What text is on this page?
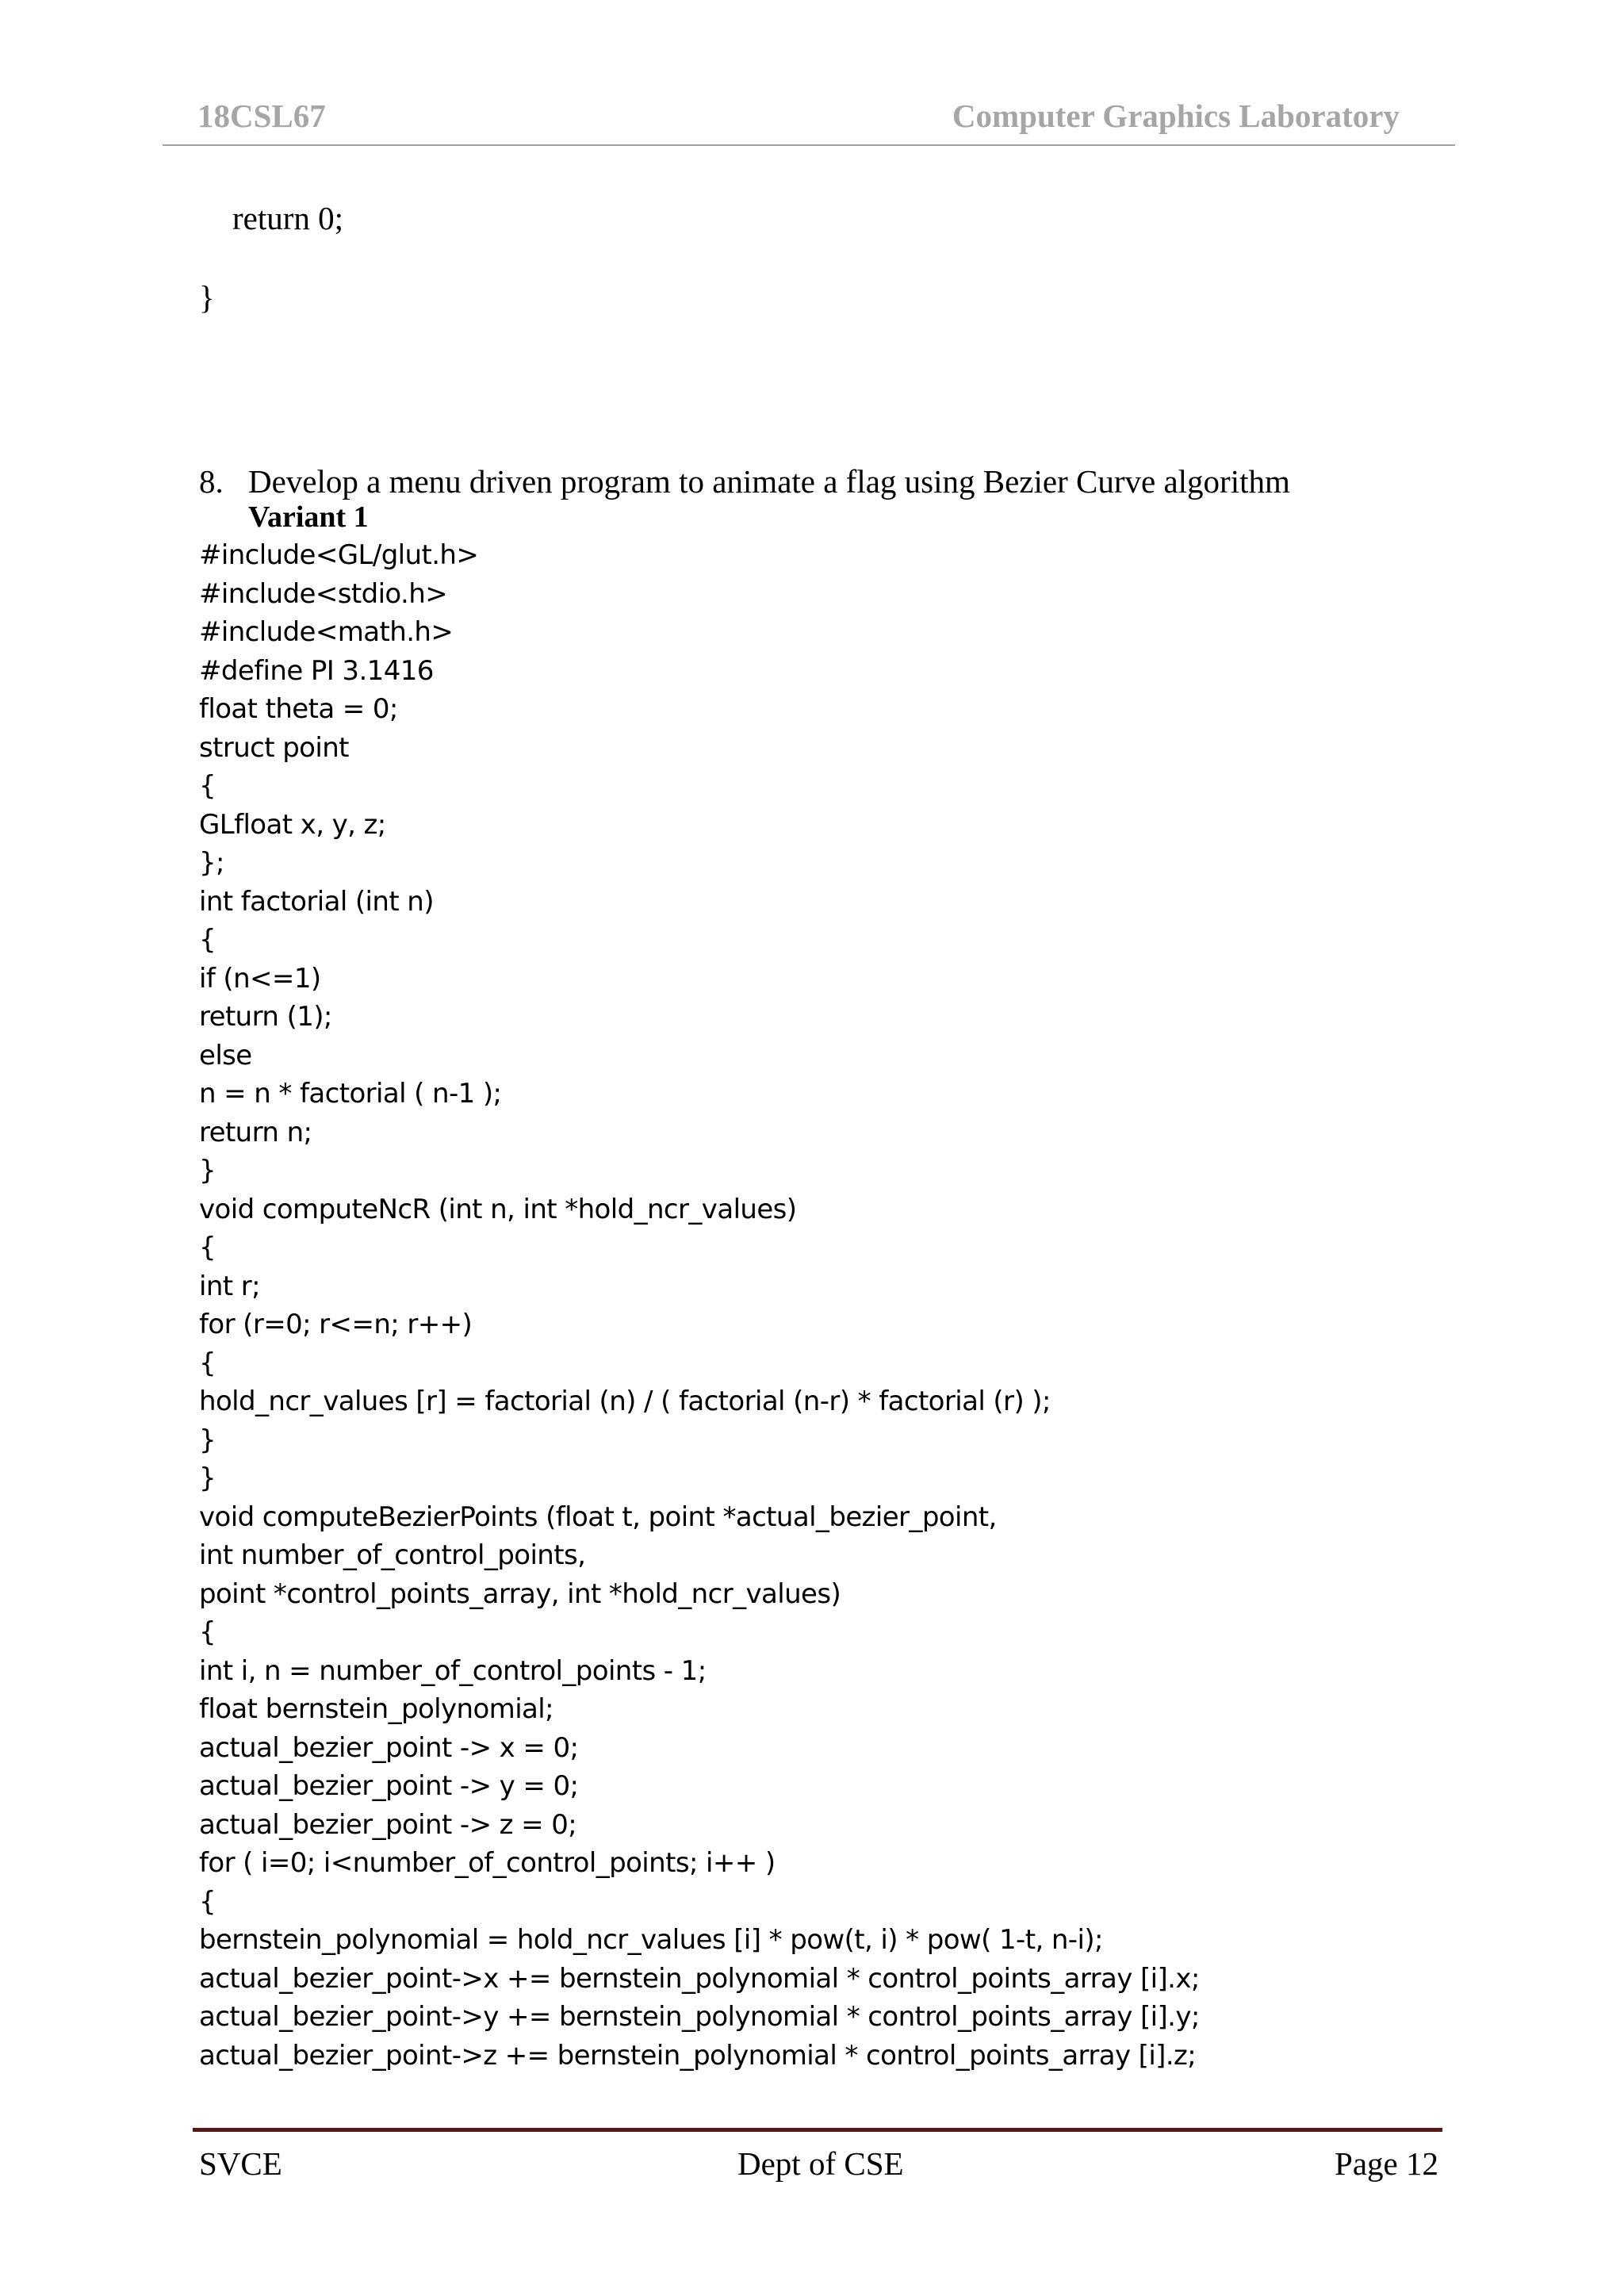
18CSL67	Computer Graphics Laboratory
return 0;
}
8. Develop a menu driven program to animate a flag using Bezier Curve algorithm
Variant 1
#include<GL/glut.h>
#include<stdio.h>
#include<math.h>
#define PI 3.1416
float theta = 0;
struct point
{
GLfloat x, y, z;
};
int factorial (int n)
{
if (n<=1)
return (1);
else
n = n * factorial ( n-1 );
return n;
}
void computeNcR (int n, int *hold_ncr_values)
{
int r;
for (r=0; r<=n; r++)
{
hold_ncr_values [r] = factorial (n) / ( factorial (n-r) * factorial (r) );
}
}
void computeBezierPoints (float t, point *actual_bezier_point,
int number_of_control_points,
point *control_points_array, int *hold_ncr_values)
{
int i, n = number_of_control_points - 1;
float bernstein_polynomial;
actual_bezier_point -> x = 0;
actual_bezier_point -> y = 0;
actual_bezier_point -> z = 0;
for ( i=0; i<number_of_control_points; i++ )
{
bernstein_polynomial = hold_ncr_values [i] * pow(t, i) * pow( 1-t, n-i);
actual_bezier_point->x += bernstein_polynomial * control_points_array [i].x;
actual_bezier_point->y += bernstein_polynomial * control_points_array [i].y;
actual_bezier_point->z += bernstein_polynomial * control_points_array [i].z;
SVCE	Dept of CSE	Page 12
